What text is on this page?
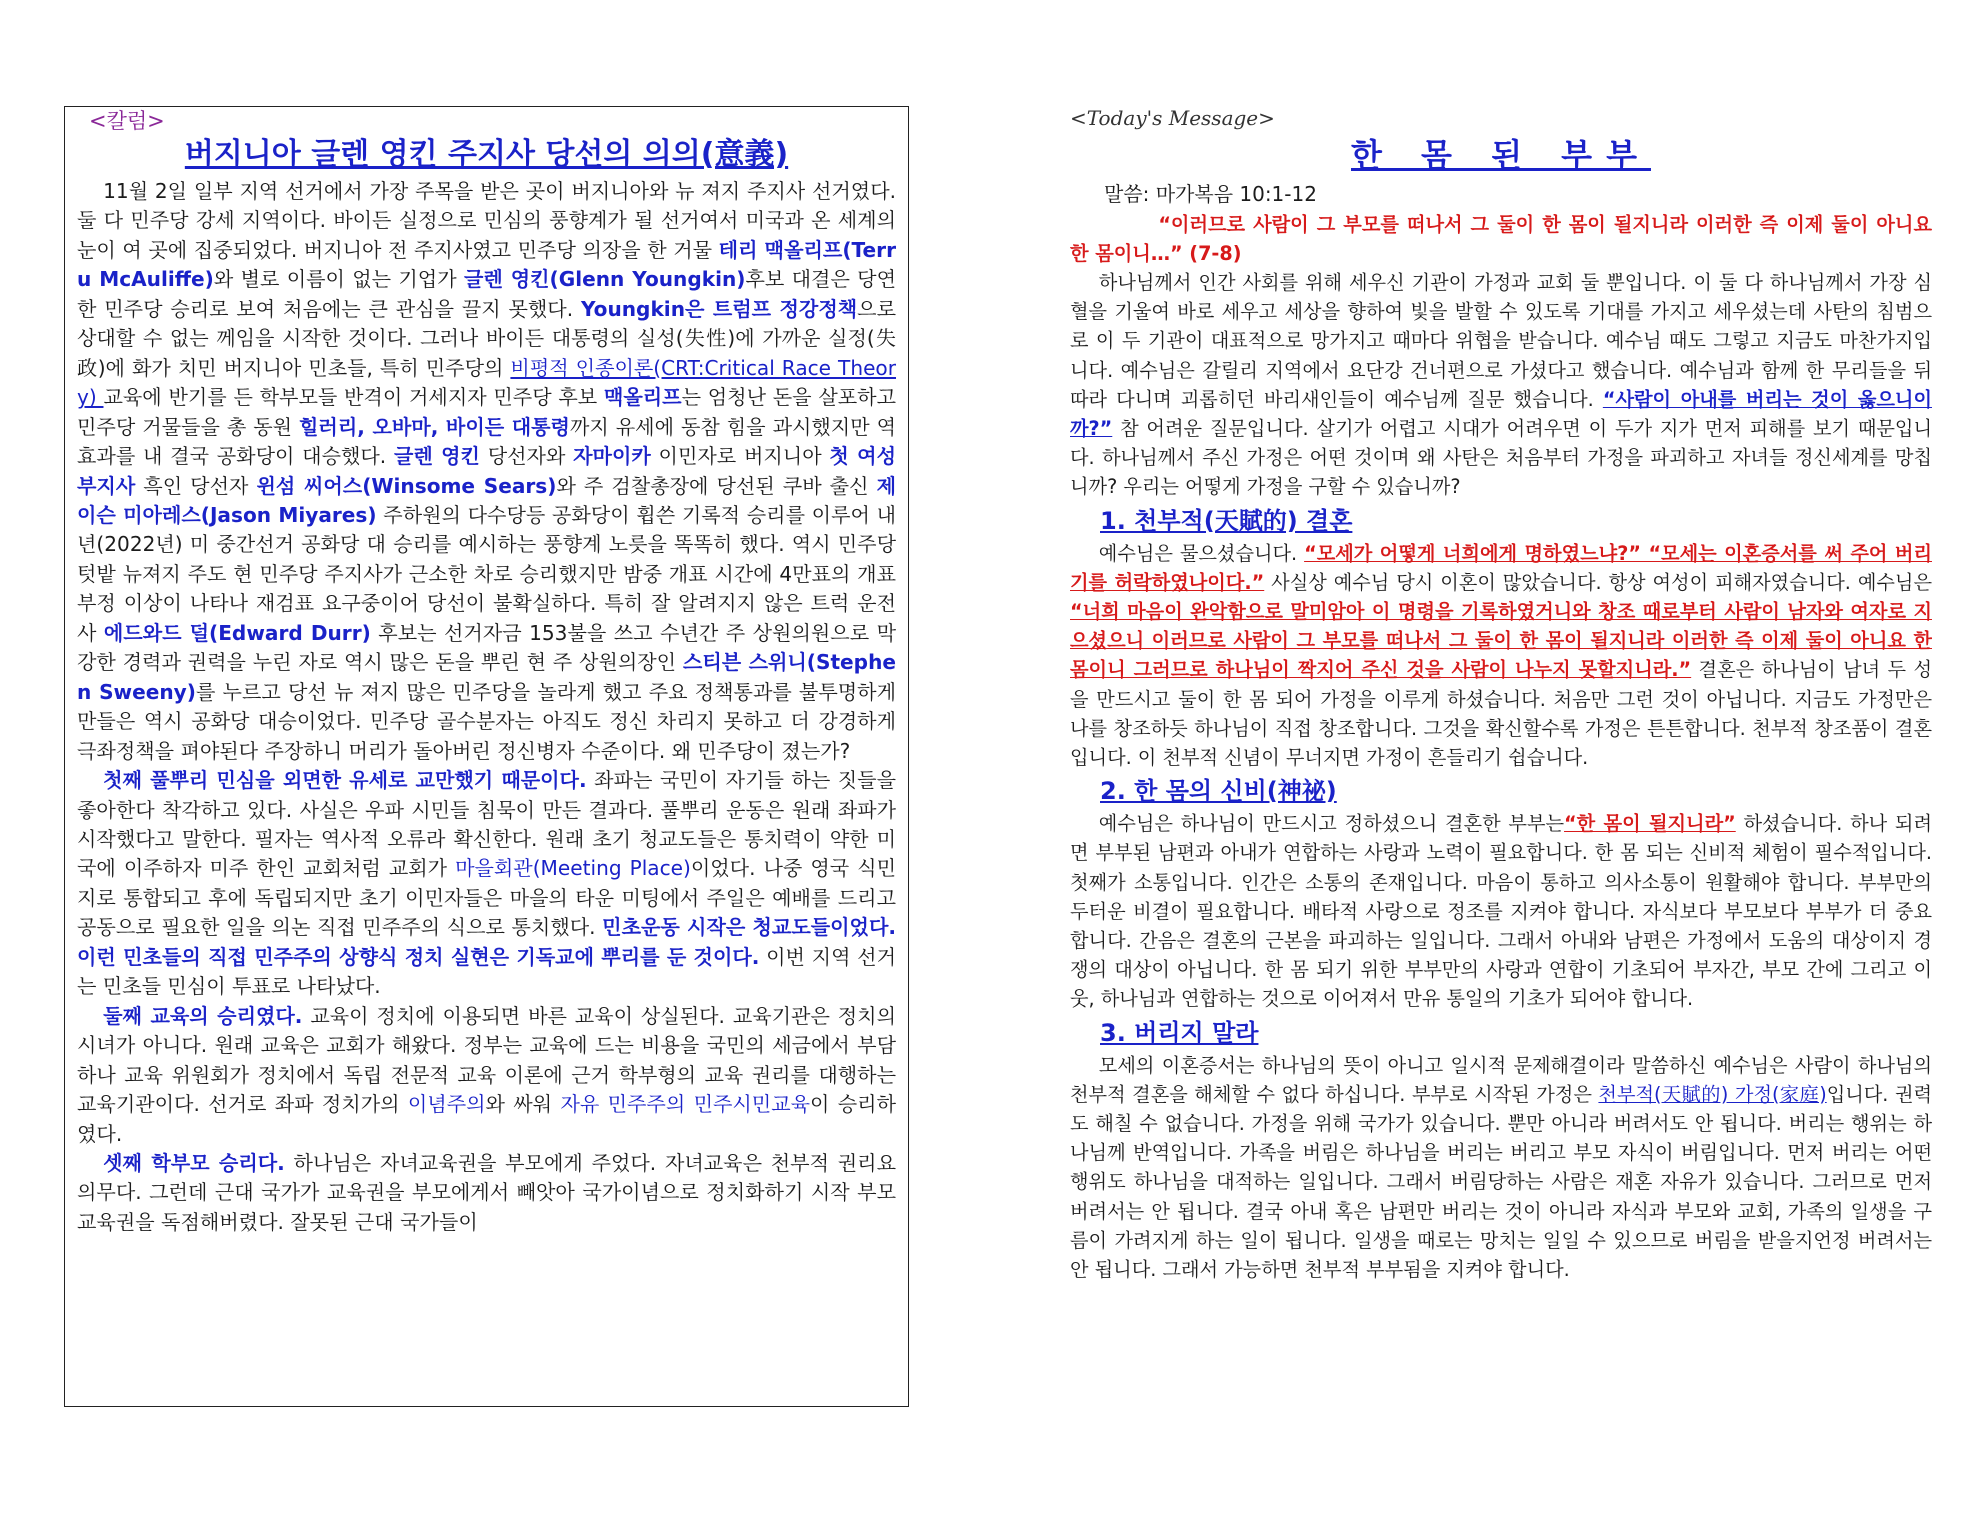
<칼럼>
버지니아 글렌 영킨 주지사 당선의 의의(意義)

11월 2일 일부 지역 선거에서 가장 주목을 받은 곳이 버지니아와 뉴 져지 주지사 선거였다. 둘 다 민주당 강세 지역이다. 바이든 실정으로 민심의 풍향계가 될 선거여서 미국과 온 세계의 눈이 여 곳에 집중되었다. 버지니아 전 주지사였고 민주당 의장을 한 거물 테리 맥올리프(Terru McAuliffe)와 별로 이름이 없는 기업가 글렌 영킨(Glenn Youngkin)후보 대결은 당연한 민주당 승리로 보여 처음에는 큰 관심을 끌지 못했다. Youngkin은 트럼프 정강정책으로 상대할 수 없는 께임을 시작한 것이다. 그러나 바이든 대통령의 실성(失性)에 가까운 실정(失政)에 화가 치민 버지니아 민초들, 특히 민주당의 비평적 인종이론(CRT:Critical Race Theory) 교육에 반기를 든 학부모들 반격이 거세지자 민주당 후보 맥올리프는 엄청난 돈을 살포하고 민주당 거물들을 총 동원 힐러리, 오바마, 바이든 대통령까지 유세에 동참 힘을 과시했지만 역효과를 내 결국 공화당이 대승했다. 글렌 영킨 당선자와 자마이카 이민자로 버지니아 첫 여성 부지사 흑인 당선자 윈섬 씨어스(Winsome Sears)와 주 검찰총장에 당선된 쿠바 출신 제이슨 미아레스(Jason Miyares) 주하원의 다수당등 공화당이 휩쓴 기록적 승리를 이루어 내년(2022년) 미 중간선거 공화당 대 승리를 예시하는 풍향계 노릇을 똑똑히 했다. 역시 민주당 텃밭 뉴져지 주도 현 민주당 주지사가 근소한 차로 승리했지만 밤중 개표 시간에 4만표의 개표 부정 이상이 나타나 재검표 요구중이어 당선이 불확실하다. 특히 잘 알려지지 않은 트럭 운전사 에드와드 덜(Edward Durr) 후보는 선거자금 153불을 쓰고 수년간 주 상원의원으로 막강한 경력과 권력을 누린 자로 역시 많은 돈을 뿌린 현 주 상원의장인 스티븐 스위니(Stephen Sweeny)를 누르고 당선 뉴 져지 많은 민주당을 놀라게 했고 주요 정책통과를 불투명하게 만들은 역시 공화당 대승이었다. 민주당 골수분자는 아직도 정신 차리지 못하고 더 강경하게 극좌정책을 펴야된다 주장하니 머리가 돌아버린 정신병자 수준이다. 왜 민주당이 졌는가?

첫째 풀뿌리 민심을 외면한 유세로 교만했기 때문이다. 좌파는 국민이 자기들 하는 짓들을 좋아한다 착각하고 있다. 사실은 우파 시민들 침묵이 만든 결과다. 풀뿌리 운동은 원래 좌파가 시작했다고 말한다. 필자는 역사적 오류라 확신한다. 원래 초기 청교도들은 통치력이 약한 미국에 이주하자 미주 한인 교회처럼 교회가 마을회관(Meeting Place)이었다. 나중 영국 식민지로 통합되고 후에 독립되지만 초기 이민자들은 마을의 타운 미팅에서 주일은 예배를 드리고 공동으로 필요한 일을 의논 직접 민주주의 식으로 통치했다. 민초운동 시작은 청교도들이었다. 이런 민초들의 직접 민주주의 상향식 정치 실현은 기독교에 뿌리를 둔 것이다. 이번 지역 선거는 민초들 민심이 투표로 나타났다.

둘째 교육의 승리였다. 교육이 정치에 이용되면 바른 교육이 상실된다. 교육기관은 정치의 시녀가 아니다. 원래 교육은 교회가 해왔다. 정부는 교육에 드는 비용을 국민의 세금에서 부담하나 교육 위원회가 정치에서 독립 전문적 교육 이론에 근거 학부형의 교육 권리를 대행하는 교육기관이다. 선거로 좌파 정치가의 이념주의와 싸워 자유 민주주의 민주시민교육이 승리하였다.

셋째 학부모 승리다. 하나님은 자녀교육권을 부모에게 주었다. 자녀교육은 천부적 권리요 의무다. 그런데 근대 국가가 교육권을 부모에게서 빼앗아 국가이념으로 정치화하기 시작 부모 교육권을 독점해버렸다. 잘못된 근대 국가들이

<Today's Message>
한 몸 된 부부
말씀: 마가복음 10:1-12

“이러므로 사람이 그 부모를 떠나서 그 둘이 한 몸이 될지니라 이러한 즉 이제 둘이 아니요 한 몸이니…” (7-8)

하나님께서 인간 사회를 위해 세우신 기관이 가정과 교회 둘 뿐입니다. 이 둘 다 하나님께서 가장 심혈을 기울여 바로 세우고 세상을 향하여 빛을 발할 수 있도록 기대를 가지고 세우셨는데 사탄의 침범으로 이 두 기관이 대표적으로 망가지고 때마다 위협을 받습니다. 예수님 때도 그렇고 지금도 마찬가지입니다. 예수님은 갈릴리 지역에서 요단강 건너편으로 가셨다고 했습니다. 예수님과 함께 한 무리들을 뒤따라 다니며 괴롭히던 바리새인들이 예수님께 질문 했습니다. “사람이 아내를 버리는 것이 옳으니이까?” 참 어려운 질문입니다. 살기가 어렵고 시대가 어려우면 이 두가 지가 먼저 피해를 보기 때문입니다. 하나님께서 주신 가정은 어떤 것이며 왜 사탄은 처음부터 가정을 파괴하고 자녀들 정신세계를 망칩니까? 우리는 어떻게 가정을 구할 수 있습니까?

1. 천부적(天賦的) 결혼

예수님은 물으셨습니다. “모세가 어떻게 너희에게 명하였느냐?” “모세는 이혼증서를 써 주어 버리기를 허락하였나이다.” 사실상 예수님 당시 이혼이 많았습니다. 항상 여성이 피해자였습니다. 예수님은 “너희 마음이 완악함으로 말미암아 이 명령을 기록하였거니와 창조 때로부터 사람이 남자와 여자로 지으셨으니 이러므로 사람이 그 부모를 떠나서 그 둘이 한 몸이 될지니라 이러한 즉 이제 둘이 아니요 한 몸이니 그러므로 하나님이 짝지어 주신 것을 사람이 나누지 못할지니라.” 결혼은 하나님이 남녀 두 성을 만드시고 둘이 한 몸 되어 가정을 이루게 하셨습니다. 처음만 그런 것이 아닙니다. 지금도 가정만은 나를 창조하듯 하나님이 직접 창조합니다. 그것을 확신할수록 가정은 튼튼합니다. 천부적 창조품이 결혼입니다. 이 천부적 신념이 무너지면 가정이 흔들리기 쉽습니다.

2. 한 몸의 신비(神祕)

예수님은 하나님이 만드시고 정하셨으니 결혼한 부부는“한 몸이 될지니라” 하셨습니다. 하나 되려면 부부된 남편과 아내가 연합하는 사랑과 노력이 필요합니다. 한 몸 되는 신비적 체험이 필수적입니다. 첫째가 소통입니다. 인간은 소통의 존재입니다. 마음이 통하고 의사소통이 원활해야 합니다. 부부만의 두터운 비결이 필요합니다. 배타적 사랑으로 정조를 지켜야 합니다. 자식보다 부모보다 부부가 더 중요합니다. 간음은 결혼의 근본을 파괴하는 일입니다. 그래서 아내와 남편은 가정에서 도움의 대상이지 경쟁의 대상이 아닙니다. 한 몸 되기 위한 부부만의 사랑과 연합이 기초되어 부자간, 부모 간에 그리고 이웃, 하나님과 연합하는 것으로 이어져서 만유 통일의 기초가 되어야 합니다.

3. 버리지 말라

모세의 이혼증서는 하나님의 뜻이 아니고 일시적 문제해결이라 말씀하신 예수님은 사람이 하나님의 천부적 결혼을 해체할 수 없다 하십니다. 부부로 시작된 가정은 천부적(天賦的) 가정(家庭)입니다. 권력도 해칠 수 없습니다. 가정을 위해 국가가 있습니다. 뿐만 아니라 버려서도 안 됩니다. 버리는 행위는 하나님께 반역입니다. 가족을 버림은 하나님을 버리는 버리고 부모 자식이 버림입니다. 먼저 버리는 어떤 행위도 하나님을 대적하는 일입니다. 그래서 버림당하는 사람은 재혼 자유가 있습니다. 그러므로 먼저 버려서는 안 됩니다. 결국 아내 혹은 남편만 버리는 것이 아니라 자식과 부모와 교회, 가족의 일생을 구름이 가려지게 하는 일이 됩니다. 일생을 때로는 망치는 일일 수 있으므로 버림을 받을지언정 버려서는 안 됩니다. 그래서 가능하면 천부적 부부됨을 지켜야 합니다.
